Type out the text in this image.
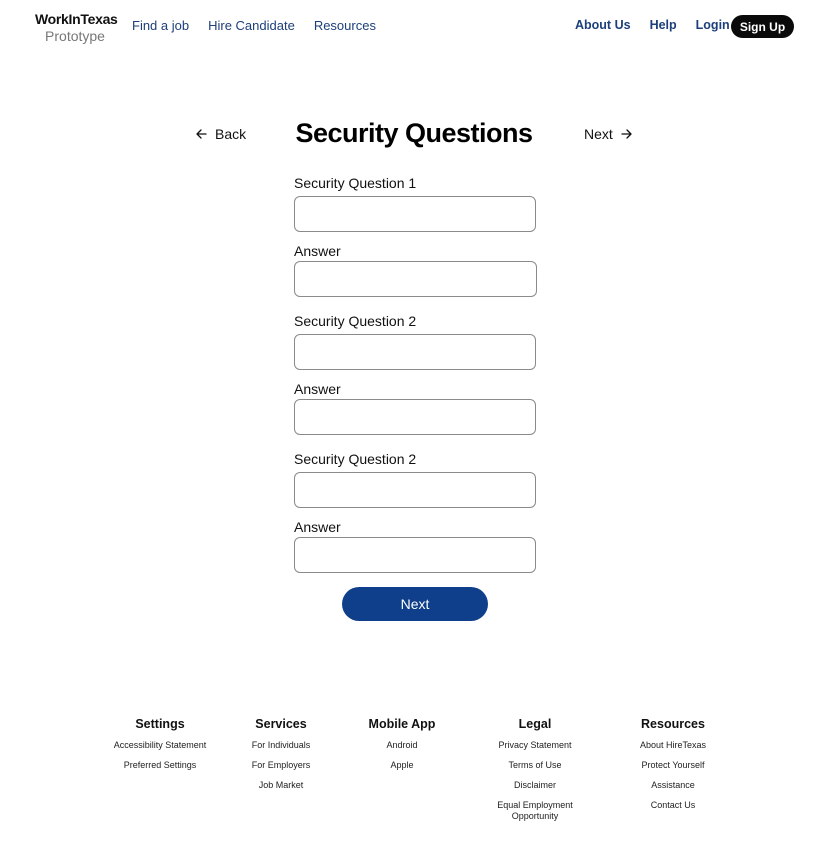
WorkInTexas
Prototype
Find a job Hire Candidate Resources	About Us Help Login Sign Up
Back	Security Questions	Next
Security Question 1
Answer
Security Question 2
Answer
Security Question 2
Answer
Next
Settings
Accessibility Statement
Preferred Settings
Services
For Individuals
For Employers
Job Market
Mobile App
Android
Apple
Legal
Privacy Statement
Terms of Use
Disclaimer
Equal Employment Opportunity
Resources
About HireTexas
Protect Yourself
Assistance
Contact Us
